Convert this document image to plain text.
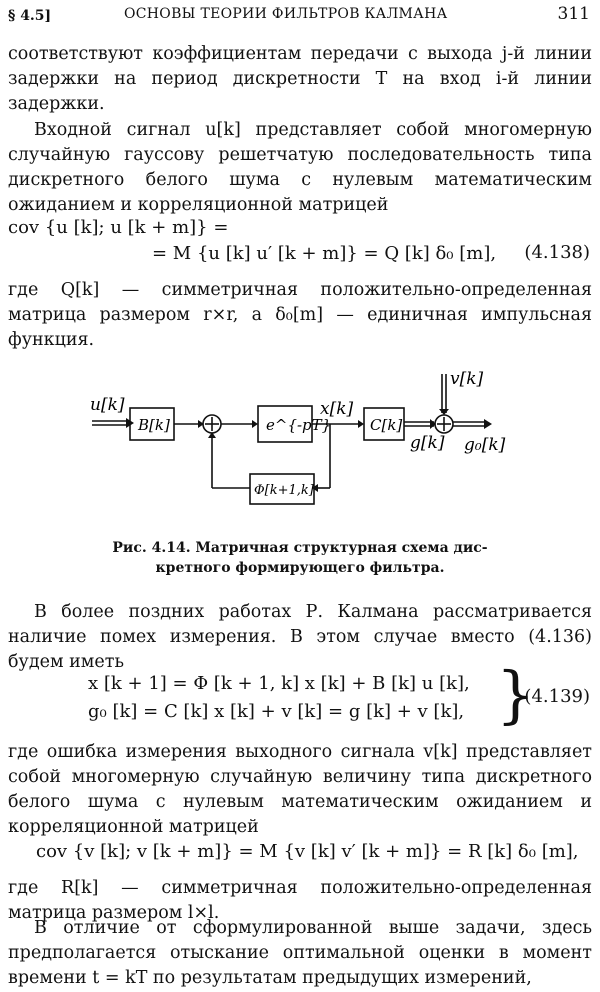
§ 4.5]	ОСНОВЫ ТЕОРИИ ФИЛЬТРОВ КАЛМАНА	311
соответствуют коэффициентам передачи с выхода j-й линии задержки на период дискретности T на вход i-й линии задержки.
Входной сигнал u[k] представляет собой многомерную случайную гауссову решетчатую последовательность типа дискретного белого шума с нулевым математическим ожиданием и корреляционной матрицей
cov {u [k]; u [k + m]} =
= M {u [k] u′ [k + m]} = Q [k] δ₀ [m], (4.138)
где Q[k] — симметричная положительно-определенная матрица размером r×r, а δ₀[m] — единичная импульсная функция.
u[k]
B[k]	e^{-pT}
x[k]
C[k]
v[k]
g[k] g₀[k]
Φ[k+1,k]
Рис. 4.14. Матричная структурная схема дис-
кретного формирующего фильтра.
В более поздних работах Р. Калмана рассматривается наличие помех измерения. В этом случае вместо (4.136) будем иметь
x [k + 1] = Φ [k + 1, k] x [k] + B [k] u [k],
g₀ [k] = C [k] x [k] + v [k] = g [k] + v [k], }
(4.139)
где ошибка измерения выходного сигнала v[k] представляет собой многомерную случайную величину типа дискретного белого шума с нулевым математическим ожиданием и корреляционной матрицей
cov {v [k]; v [k + m]} = M {v [k] v′ [k + m]} = R [k] δ₀ [m],
где R[k] — симметричная положительно-определенная матрица размером l×l.
В отличие от сформулированной выше задачи, здесь предполагается отыскание оптимальной оценки в момент времени t = kT по результатам предыдущих измерений,
